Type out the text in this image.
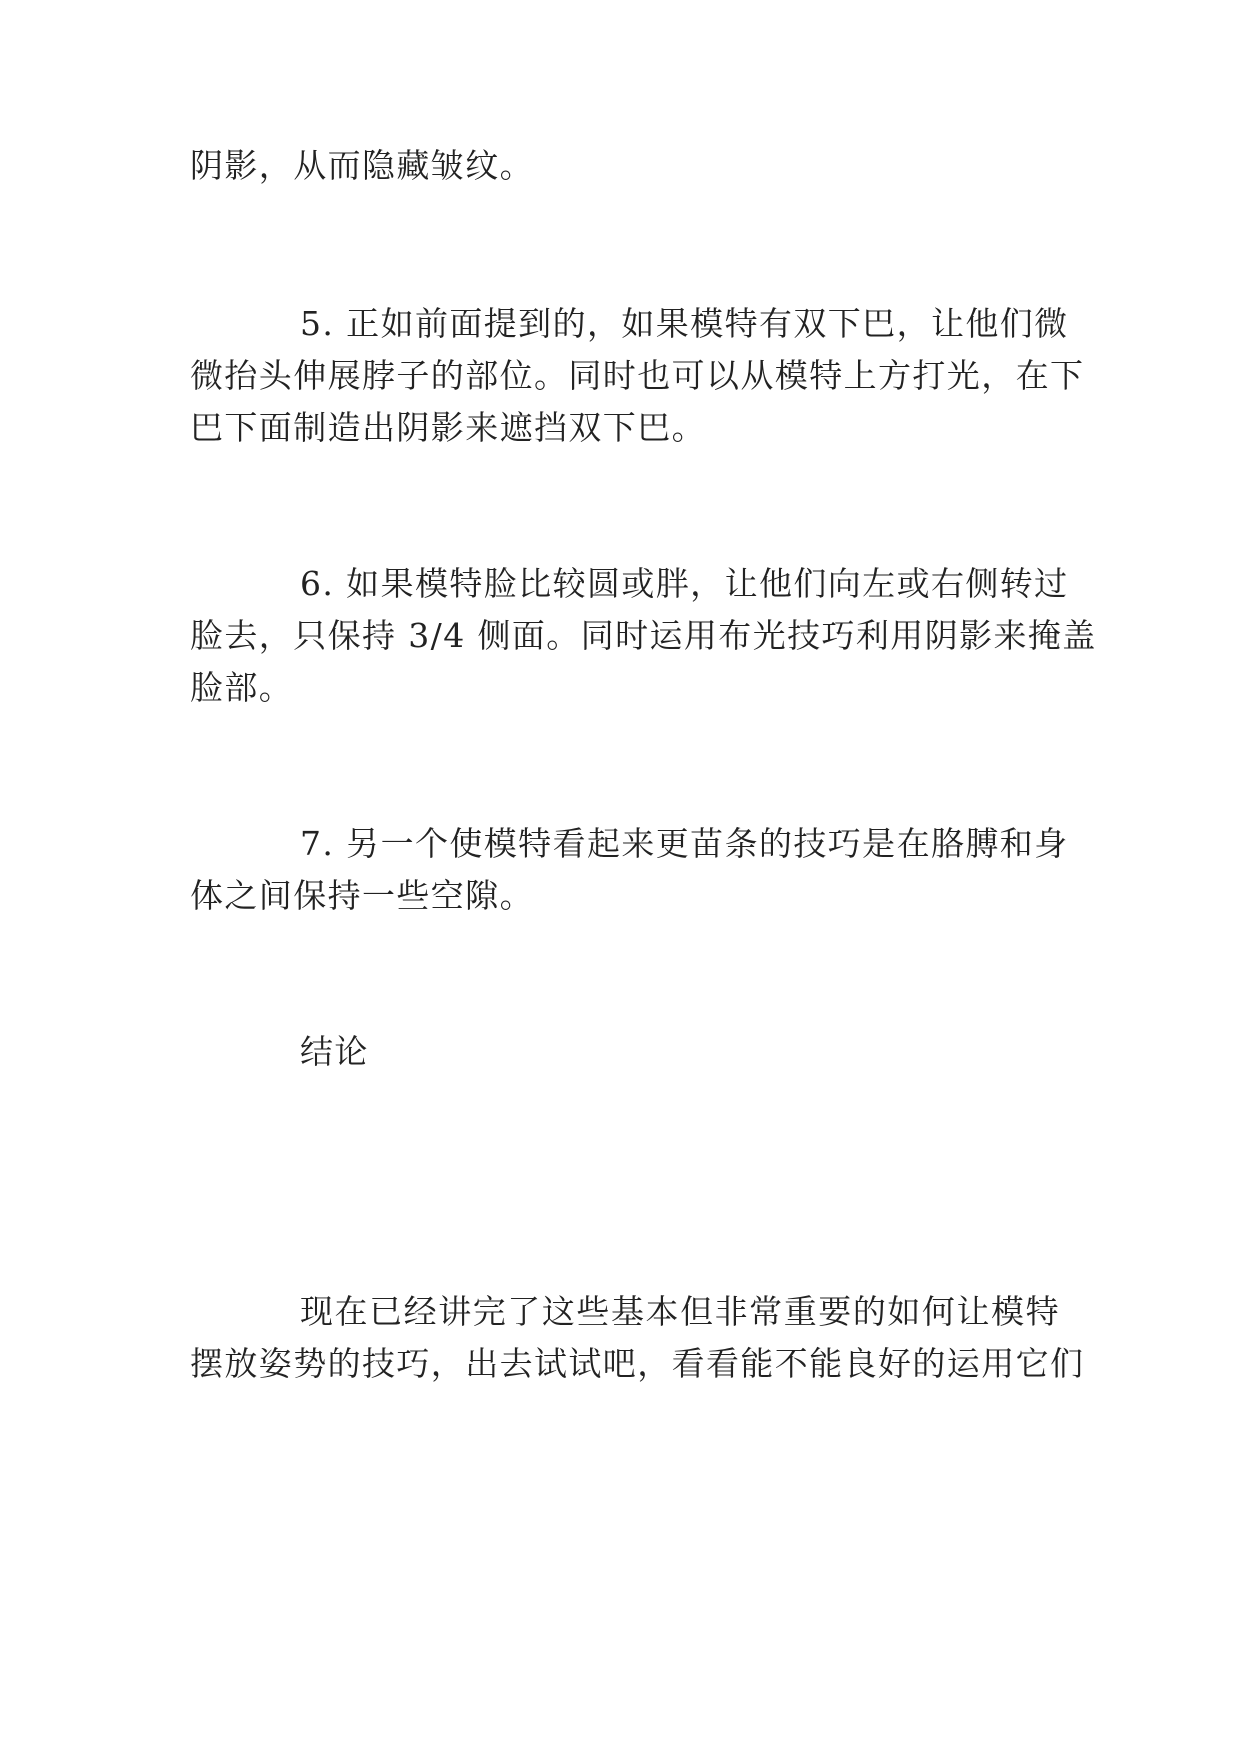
阴影，从而隐藏皱纹。
5. 正如前面提到的，如果模特有双下巴，让他们微
微抬头伸展脖子的部位。同时也可以从模特上方打光，在下
巴下面制造出阴影来遮挡双下巴。
6. 如果模特脸比较圆或胖，让他们向左或右侧转过
脸去，只保持 3/4 侧面。同时运用布光技巧利用阴影来掩盖
脸部。
7. 另一个使模特看起来更苗条的技巧是在胳膊和身
体之间保持一些空隙。
结论
现在已经讲完了这些基本但非常重要的如何让模特
摆放姿势的技巧，出去试试吧，看看能不能良好的运用它们
